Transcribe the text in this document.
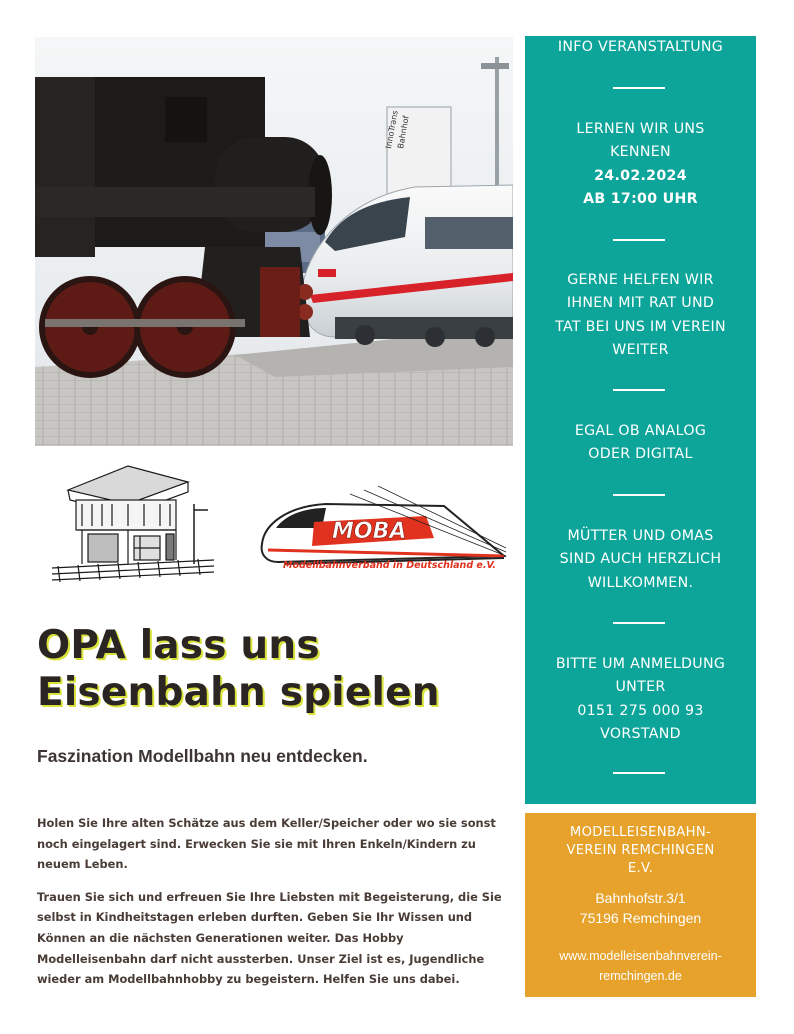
InnoTrans
Bahnhof
MOBA
Modellbahnverband in Deutschland e.V.
OPA lass uns
Eisenbahn spielen
Faszination Modellbahn neu entdecken.

Holen Sie Ihre alten Schätze aus dem Keller/Speicher oder wo sie sonst noch eingelagert sind. Erwecken Sie sie mit Ihren Enkeln/Kindern zu neuem Leben.

Trauen Sie sich und erfreuen Sie Ihre Liebsten mit Begeisterung, die Sie selbst in Kindheitstagen erleben durften. Geben Sie Ihr Wissen und Können an die nächsten Generationen weiter. Das Hobby Modelleisenbahn darf nicht aussterben. Unser Ziel ist es, Jugendliche wieder am Modellbahnhobby zu begeistern. Helfen Sie uns dabei.

INFO VERANSTALTUNG
LERNEN WIR UNS
KENNEN
24.02.2024
AB 17:00 UHR
GERNE HELFEN WIR
IHNEN MIT RAT UND
TAT BEI UNS IM VEREIN
WEITER
EGAL OB ANALOG
ODER DIGITAL
MÜTTER UND OMAS
SIND AUCH HERZLICH
WILLKOMMEN.
BITTE UM ANMELDUNG
UNTER
0151 275 000 93
VORSTAND
MODELLEISENBAHN-
VEREIN REMCHINGEN
E.V.
Bahnhofstr.3/1
75196 Remchingen
www.modelleisenbahnverein-
remchingen.de
